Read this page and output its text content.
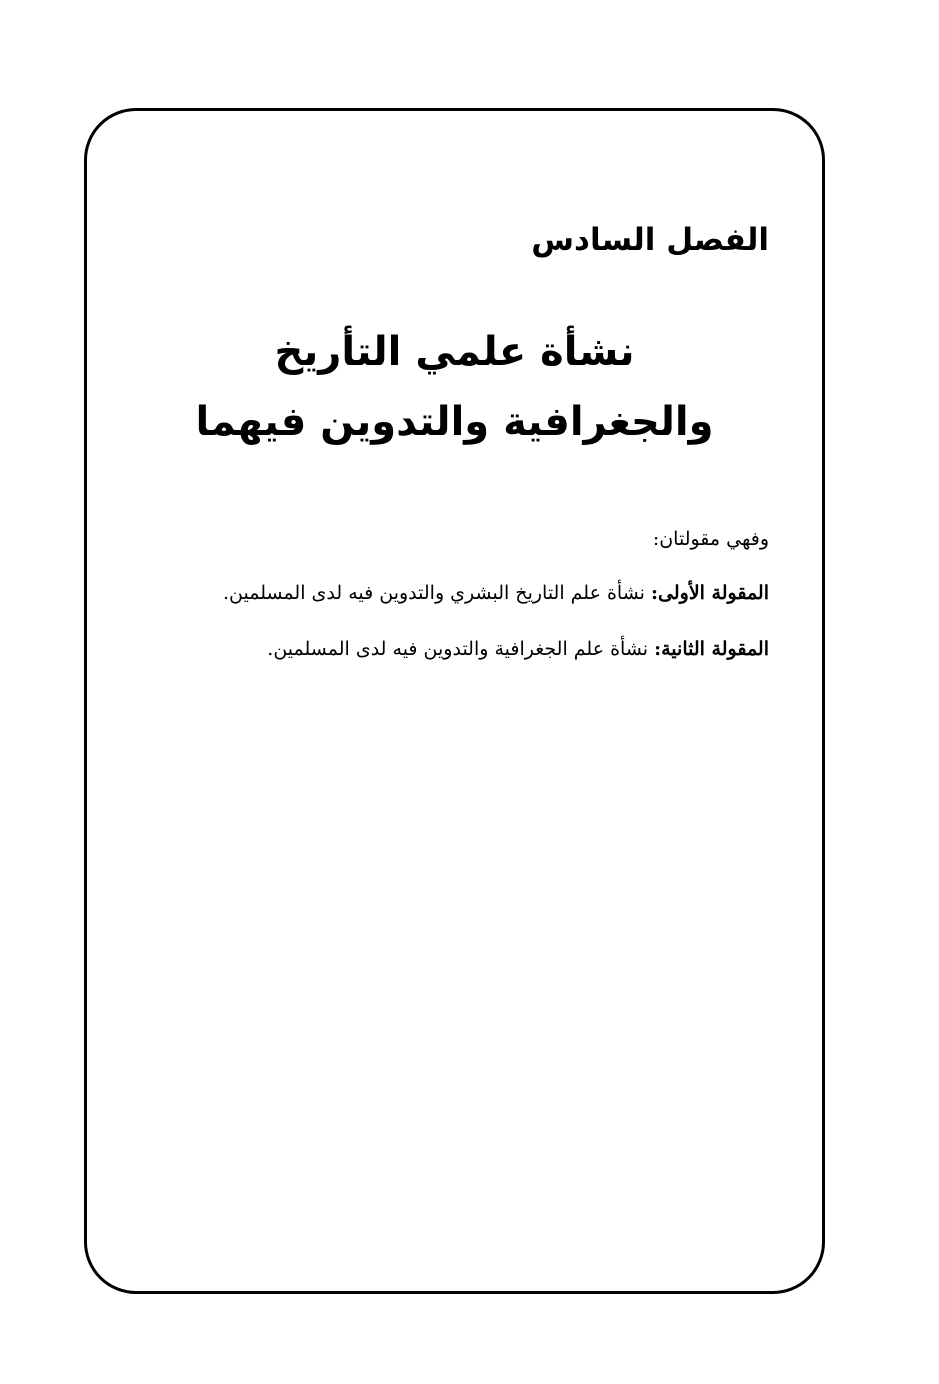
الفصل السادس
نشأة علمي التأريخ
والجغرافية والتدوين فيهما
وفهي مقولتان:
المقولة الأولى: نشأة علم التاريخ البشري والتدوين فيه لدى المسلمين.
المقولة الثانية: نشأة علم الجغرافية والتدوين فيه لدى المسلمين.
